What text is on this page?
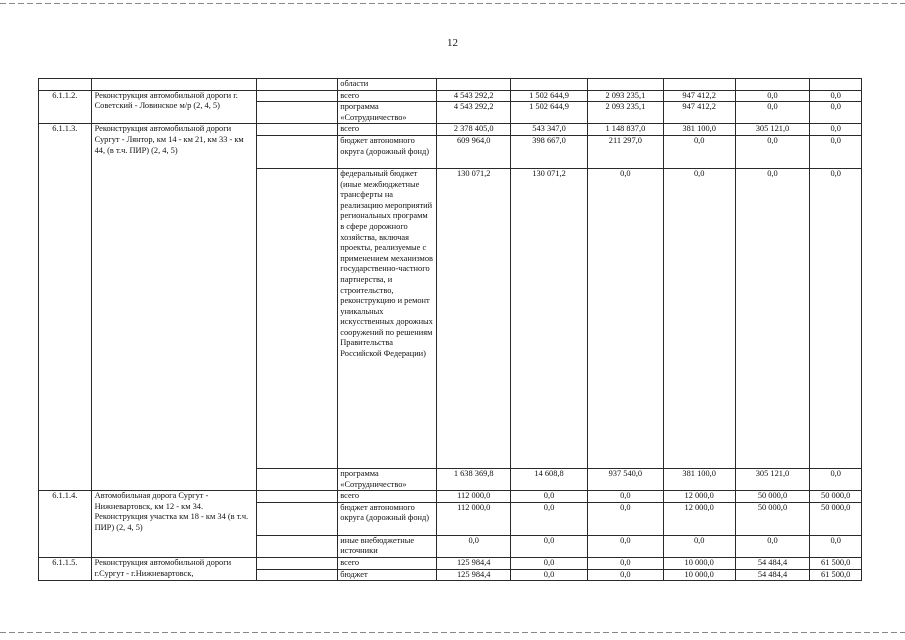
12
			области						
6.1.1.2.	Реконструкция автомобильной дороги г. Советский - Ловинское м/р (2, 4, 5)		всего	4 543 292,2	1 502 644,9	2 093 235,1	947 412,2	0,0	0,0
			программа «Сотрудничество»	4 543 292,2	1 502 644,9	2 093 235,1	947 412,2	0,0	0,0
6.1.1.3.	Реконструкция автомобильной дороги Сургут - Лянтор, км 14 - км 21, км 33 - км 44, (в т.ч. ПИР) (2, 4, 5)		всего	2 378 405,0	543 347,0	1 148 837,0	381 100,0	305 121,0	0,0
			бюджет автономного округа (дорожный фонд)	609 964,0	398 667,0	211 297,0	0,0	0,0	0,0
			федеральный бюджет (иные межбюджетные трансферты на реализацию мероприятий региональных программ в сфере дорожного хозяйства, включая проекты, реализуемые с применением механизмов государственно-частного партнерства, и строительство, реконструкцию и ремонт уникальных искусственных дорожных сооружений по решениям Правительства Российской Федерации)	130 071,2	130 071,2	0,0	0,0	0,0	0,0
			программа «Сотрудничество»	1 638 369,8	14 608,8	937 540,0	381 100,0	305 121,0	0,0
6.1.1.4.	Автомобильная дорога Сургут - Нижневартовск, км 12 - км 34. Реконструкция участка км 18 - км 34 (в т.ч. ПИР) (2, 4, 5)		всего	112 000,0	0,0	0,0	12 000,0	50 000,0	50 000,0
			бюджет автономного округа (дорожный фонд)	112 000,0	0,0	0,0	12 000,0	50 000,0	50 000,0
			иные внебюджетные источники	0,0	0,0	0,0	0,0	0,0	0,0
6.1.1.5.	Реконструкция автомобильной дороги г.Сургут - г.Нижневартовск,		всего	125 984,4	0,0	0,0	10 000,0	54 484,4	61 500,0
			бюджет	125 984,4	0,0	0,0	10 000,0	54 484,4	61 500,0
